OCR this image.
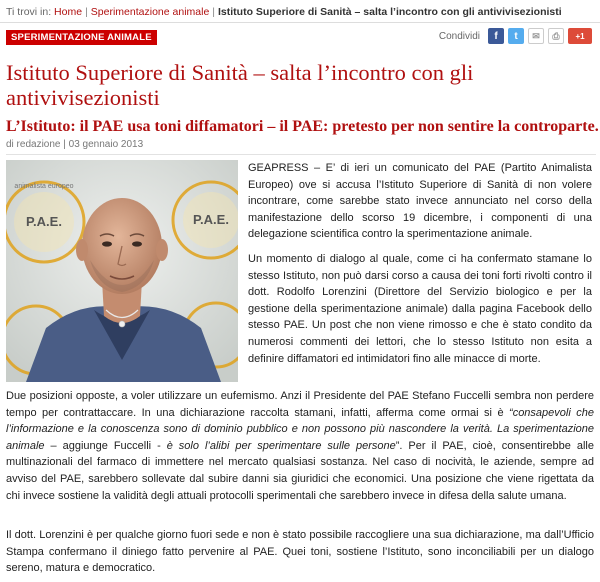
Ti trovi in: Home | Sperimentazione animale | Istituto Superiore di Sanità – salta l’incontro con gli antivivisezionisti
SPERIMENTAZIONE ANIMALE	Condividi f t ✉ ⎙ +1
Istituto Superiore di Sanità – salta l’incontro con gli antivivisezionisti
L’Istituto: il PAE usa toni diffamatori – il PAE: pretesto per non sentire la controparte.
di redazione | 03 gennaio 2013
P.A.E.	P.A.E.
animalista europeo

GEAPRESS – E’ di ieri un comunicato del PAE (Partito Animalista Europeo) ove si accusa l’Istituto Superiore di Sanità di non volere incontrare, come sarebbe stato invece annunciato nel corso della manifestazione dello scorso 19 dicembre, i componenti di una delegazione scientifica contro la sperimentazione animale.

Un momento di dialogo al quale, come ci ha confermato stamane lo stesso Istituto, non può darsi corso a causa dei toni forti rivolti contro il dott. Rodolfo Lorenzini (Direttore del Servizio biologico e per la gestione della sperimentazione animale) dalla pagina Facebook dello stesso PAE. Un post che non viene rimosso e che è stato condito da numerosi commenti dei lettori, che lo stesso Istituto non esita a definire diffamatori ed intimidatori fino alle minacce di morte.

Due posizioni opposte, a voler utilizzare un eufemismo. Anzi il Presidente del PAE Stefano Fuccelli sembra non perdere tempo per contrattaccare. In una dichiarazione raccolta stamani, infatti, afferma come ormai si è “consapevoli che l’informazione e la conoscenza sono di dominio pubblico e non possono più nascondere la verità. La sperimentazione animale – aggiunge Fuccelli - è solo l’alibi per sperimentare sulle persone”. Per il PAE, cioè, consentirebbe alle multinazionali del farmaco di immettere nel mercato qualsiasi sostanza. Nel caso di nocività, le aziende, sempre ad avviso del PAE, sarebbero sollevate dal subire danni sia giuridici che economici. Una posizione che viene rigettata da chi invece sostiene la validità degli attuali protocolli sperimentali che sarebbero invece in difesa della salute umana.

Il dott. Lorenzini è per qualche giorno fuori sede e non è stato possibile raccogliere una sua dichiarazione, ma dall’Ufficio Stampa confermano il diniego fatto pervenire al PAE. Quei toni, sostiene l’Istituto, sono inconciliabili per un dialogo sereno, matura e democratico.
